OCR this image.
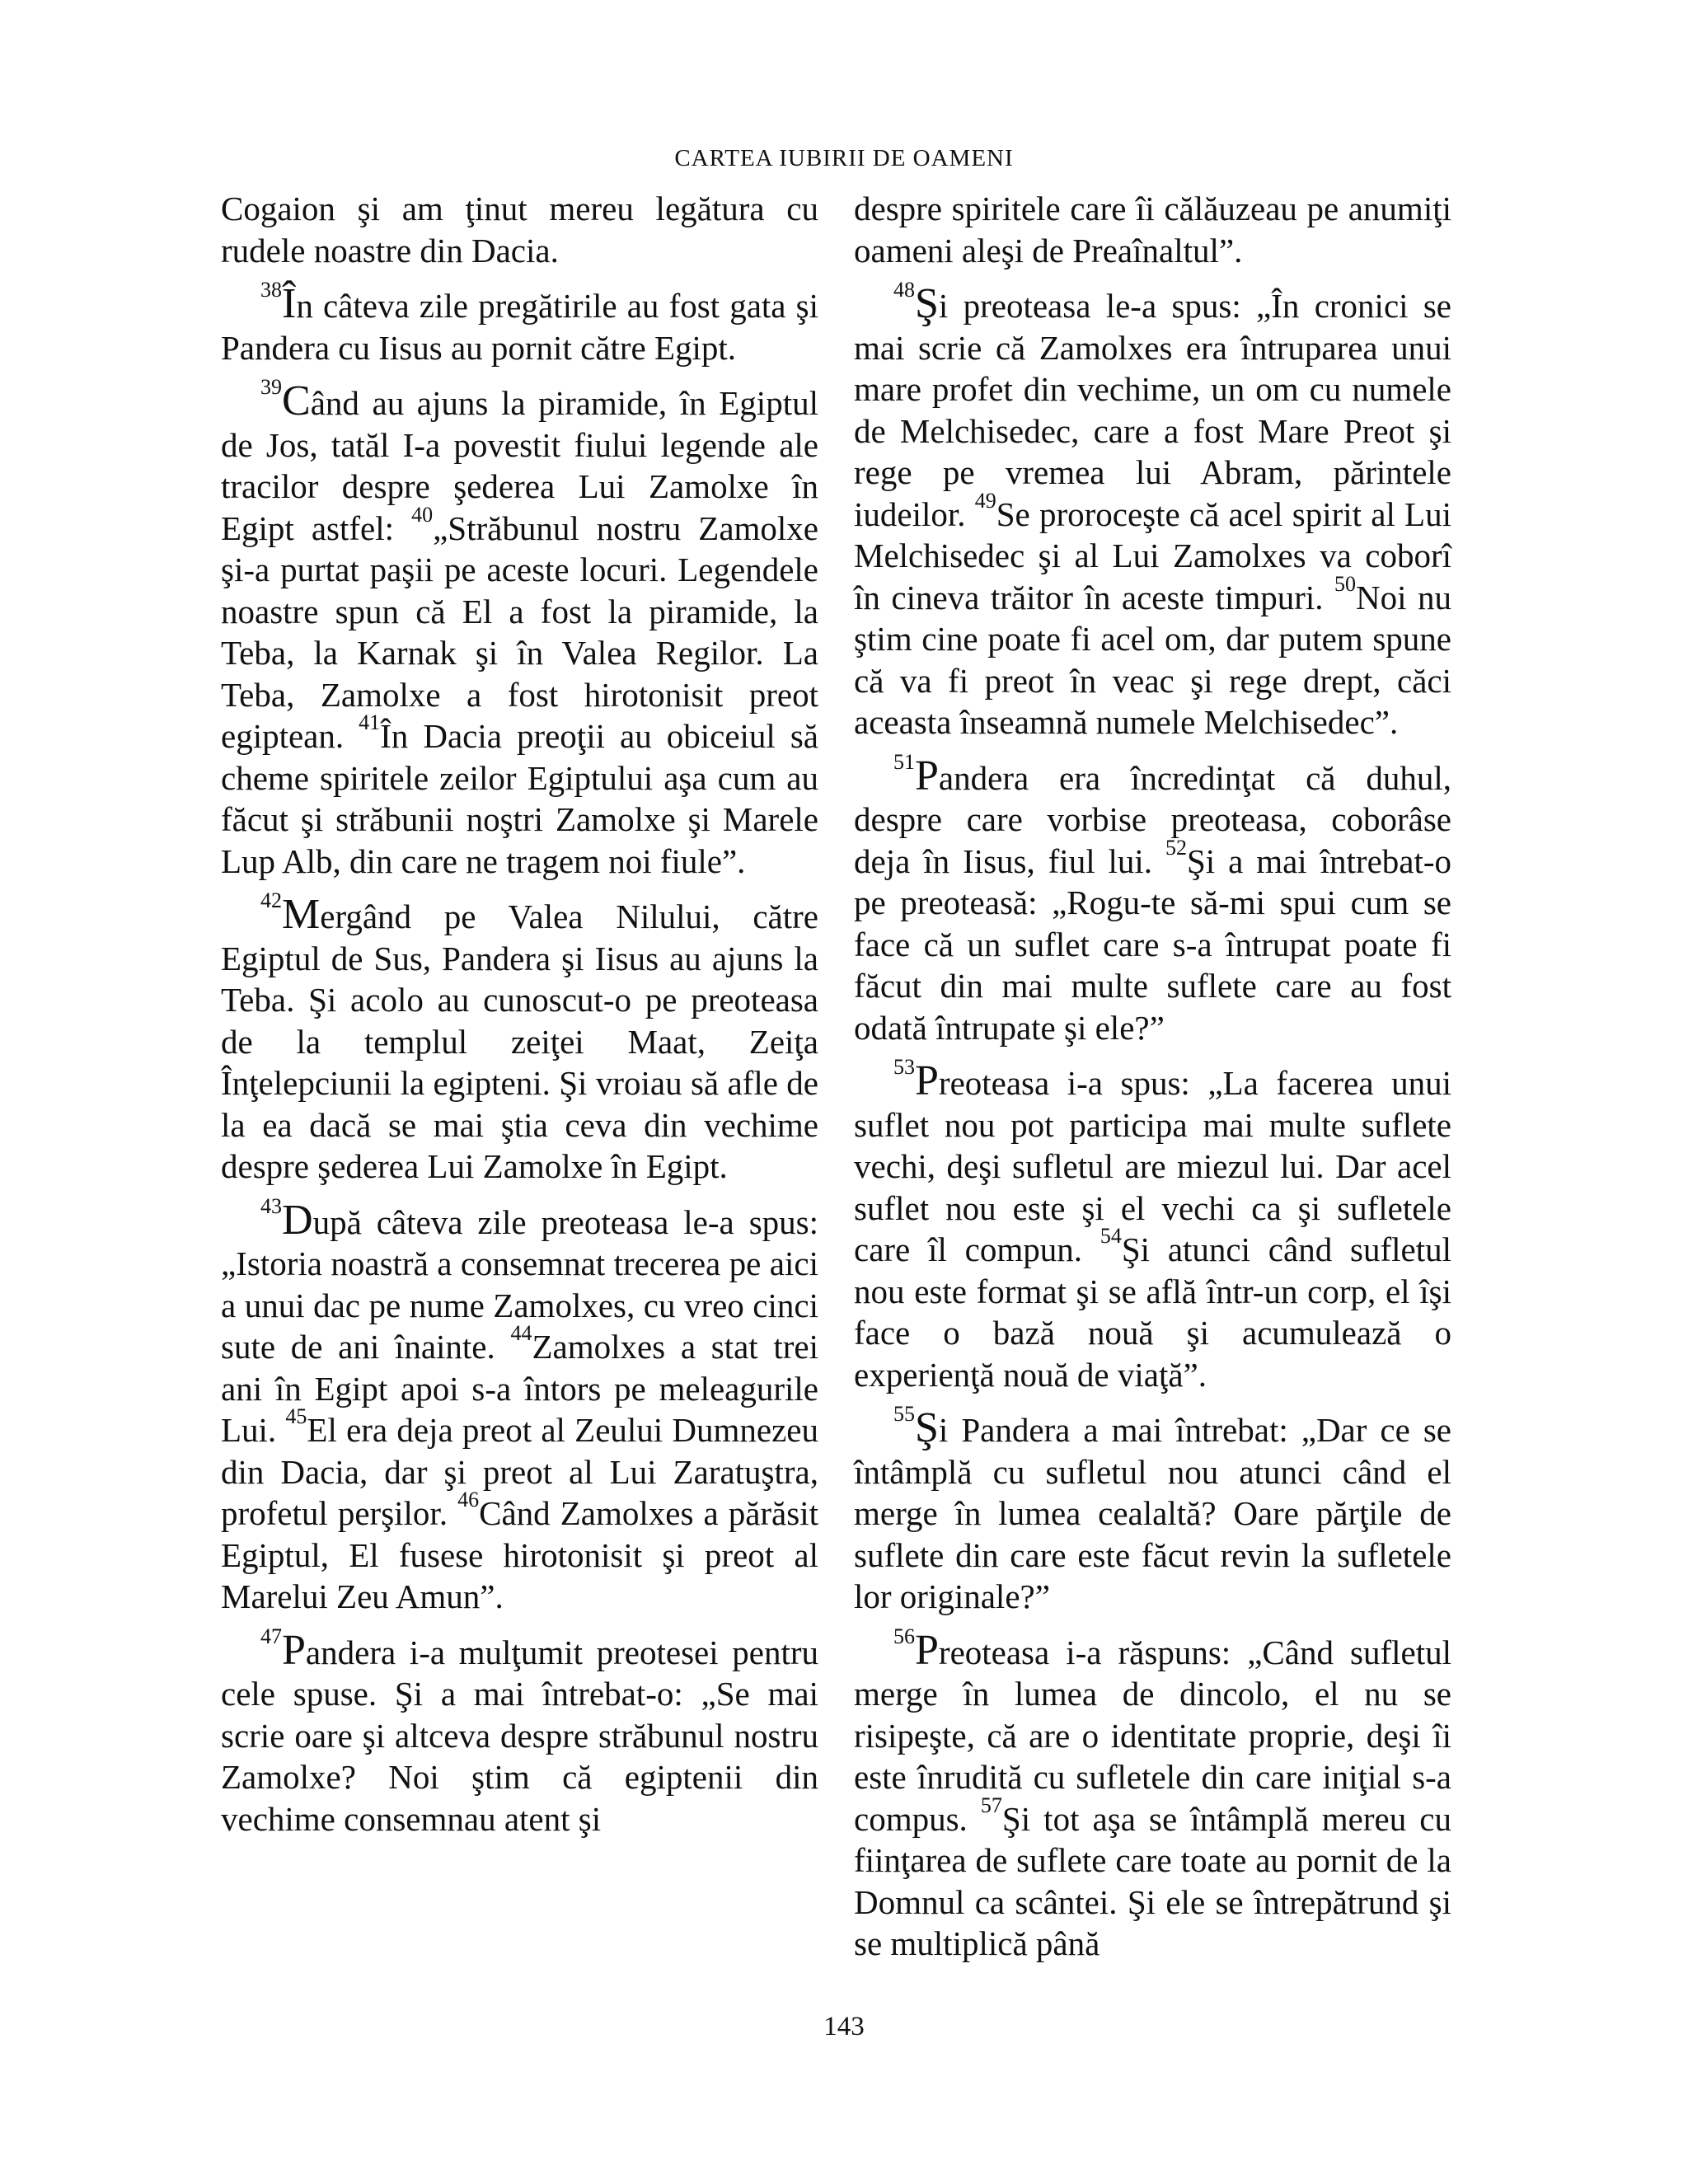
CARTEA IUBIRII DE OAMENI

Cogaion şi am ţinut mereu legătura cu rudele noastre din Dacia.

$^{38}$În câteva zile pregătirile au fost gata şi Pandera cu Iisus au pornit către Egipt.

$^{39}$Când au ajuns la piramide, în Egiptul de Jos, tatăl I-a povestit fiului legende ale tracilor despre şederea Lui Zamolxe în Egipt astfel: $^{40}$„Străbunul nostru Zamolxe şi-a purtat paşii pe aceste locuri. Legendele noastre spun că El a fost la piramide, la Teba, la Karnak şi în Valea Regilor. La Teba, Zamolxe a fost hirotonisit preot egiptean. $^{41}$În Dacia preoţii au obiceiul să cheme spiritele zeilor Egiptului aşa cum au făcut şi străbunii noştri Zamolxe şi Marele Lup Alb, din care ne tragem noi fiule”.

$^{42}$Mergând pe Valea Nilului, către Egiptul de Sus, Pandera şi Iisus au ajuns la Teba. Şi acolo au cunoscut-o pe preoteasa de la templul zeiţei Maat, Zeiţa Înţelepciunii la egipteni. Şi vroiau să afle de la ea dacă se mai ştia ceva din vechime despre şederea Lui Zamolxe în Egipt.

$^{43}$După câteva zile preoteasa le-a spus: „Istoria noastră a consemnat trecerea pe aici a unui dac pe nume Zamolxes, cu vreo cinci sute de ani înainte. $^{44}$Zamolxes a stat trei ani în Egipt apoi s-a întors pe meleagurile Lui. $^{45}$El era deja preot al Zeului Dumnezeu din Dacia, dar şi preot al Lui Zaratuştra, profetul perşilor. $^{46}$Când Zamolxes a părăsit Egiptul, El fusese hirotonisit şi preot al Marelui Zeu Amun”.

$^{47}$Pandera i-a mulţumit preotesei pentru cele spuse. Şi a mai întrebat-o: „Se mai scrie oare şi altceva despre străbunul nostru Zamolxe? Noi ştim că egiptenii din vechime consemnau atent şi

despre spiritele care îi călăuzeau pe anumiţi oameni aleşi de Preaînaltul”.

$^{48}$Şi preoteasa le-a spus: „În cronici se mai scrie că Zamolxes era întruparea unui mare profet din vechime, un om cu numele de Melchisedec, care a fost Mare Preot şi rege pe vremea lui Abram, părintele iudeilor. $^{49}$Se proroceşte că acel spirit al Lui Melchisedec şi al Lui Zamolxes va coborî în cineva trăitor în aceste timpuri. $^{50}$Noi nu ştim cine poate fi acel om, dar putem spune că va fi preot în veac şi rege drept, căci aceasta înseamnă numele Melchisedec”.

$^{51}$Pandera era încredinţat că duhul, despre care vorbise preoteasa, coborâse deja în Iisus, fiul lui. $^{52}$Şi a mai întrebat-o pe preoteasă: „Rogu-te să-mi spui cum se face că un suflet care s-a întrupat poate fi făcut din mai multe suflete care au fost odată întrupate şi ele?”

$^{53}$Preoteasa i-a spus: „La facerea unui suflet nou pot participa mai multe suflete vechi, deşi sufletul are miezul lui. Dar acel suflet nou este şi el vechi ca şi sufletele care îl compun. $^{54}$Şi atunci când sufletul nou este format şi se află într-un corp, el îşi face o bază nouă şi acumulează o experienţă nouă de viaţă”.

$^{55}$Şi Pandera a mai întrebat: „Dar ce se întâmplă cu sufletul nou atunci când el merge în lumea cealaltă? Oare părţile de suflete din care este făcut revin la sufletele lor originale?”

$^{56}$Preoteasa i-a răspuns: „Când sufletul merge în lumea de dincolo, el nu se risipeşte, că are o identitate proprie, deşi îi este înrudită cu sufletele din care iniţial s-a compus. $^{57}$Şi tot aşa se întâmplă mereu cu fiinţarea de suflete care toate au pornit de la Domnul ca scântei. Şi ele se întrepătrund şi se multiplică până

143
